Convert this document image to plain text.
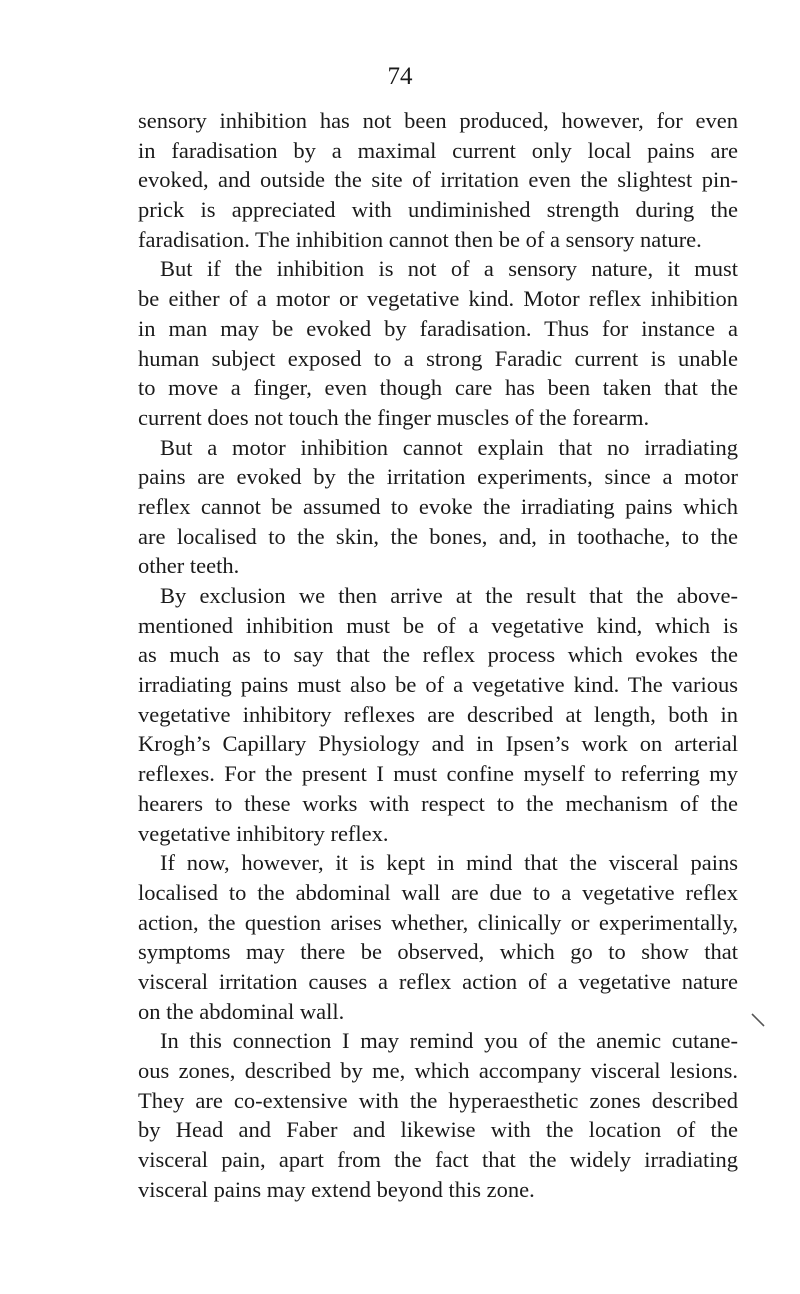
74
sensory inhibition has not been produced, however, for even
in faradisation by a maximal current only local pains are
evoked, and outside the site of irritation even the slightest pin-
prick is appreciated with undiminished strength during the
faradisation. The inhibition cannot then be of a sensory nature.
But if the inhibition is not of a sensory nature, it must
be either of a motor or vegetative kind. Motor reflex inhibition
in man may be evoked by faradisation. Thus for instance a
human subject exposed to a strong Faradic current is unable
to move a finger, even though care has been taken that the
current does not touch the finger muscles of the forearm.
But a motor inhibition cannot explain that no irradiating
pains are evoked by the irritation experiments, since a motor
reflex cannot be assumed to evoke the irradiating pains which
are localised to the skin, the bones, and, in toothache, to the
other teeth.
By exclusion we then arrive at the result that the above-
mentioned inhibition must be of a vegetative kind, which is
as much as to say that the reflex process which evokes the
irradiating pains must also be of a vegetative kind. The various
vegetative inhibitory reflexes are described at length, both in
Krogh’s Capillary Physiology and in Ipsen’s work on arterial
reflexes. For the present I must confine myself to referring my
hearers to these works with respect to the mechanism of the
vegetative inhibitory reflex.
If now, however, it is kept in mind that the visceral pains
localised to the abdominal wall are due to a vegetative reflex
action, the question arises whether, clinically or experimentally,
symptoms may there be observed, which go to show that
visceral irritation causes a reflex action of a vegetative nature
on the abdominal wall.
In this connection I may remind you of the anemic cutane-
ous zones, described by me, which accompany visceral lesions.
They are co-extensive with the hyperaesthetic zones described
by Head and Faber and likewise with the location of the
visceral pain, apart from the fact that the widely irradiating
visceral pains may extend beyond this zone.
